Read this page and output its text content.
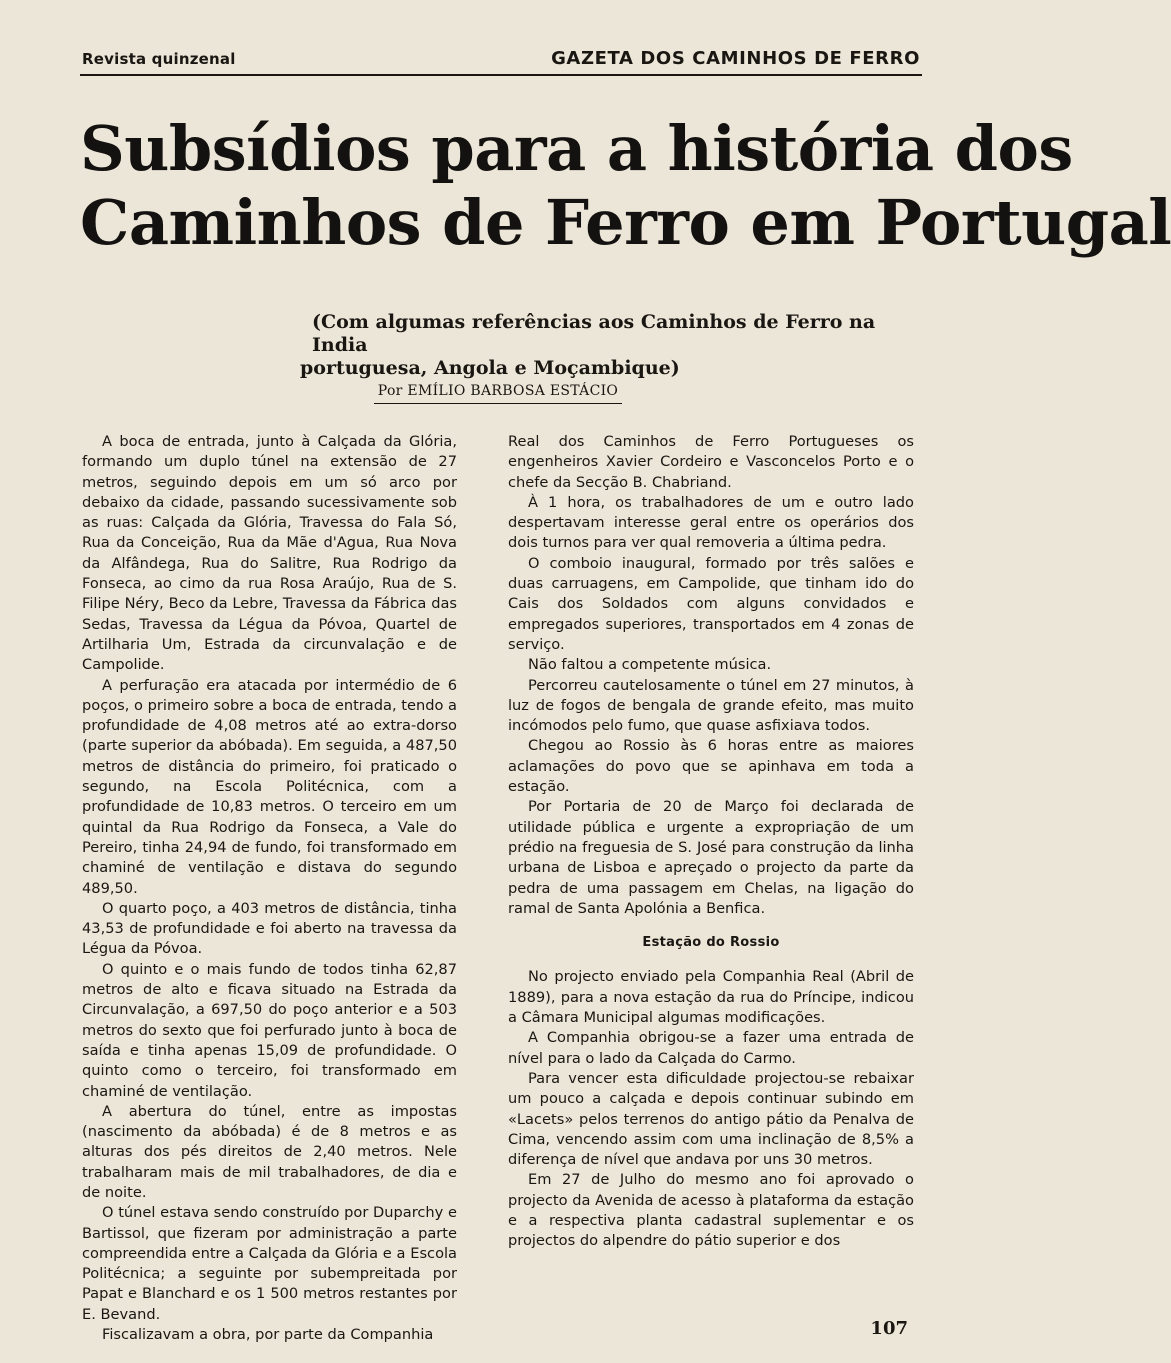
Revista quinzenal	GAZETA DOS CAMINHOS DE FERRO
Subsídios para a história dos
Caminhos de Ferro em Portugal
(Com algumas referências aos Caminhos de Ferro na India
portuguesa, Angola e Moçambique)
Por EMÍLIO BARBOSA ESTÁCIO

A boca de entrada, junto à Calçada da Glória, formando um duplo túnel na extensão de 27 metros, seguindo depois em um só arco por debaixo da cidade, passando sucessivamente sob as ruas: Calçada da Glória, Travessa do Fala Só, Rua da Conceição, Rua da Mãe d'Agua, Rua Nova da Alfândega, Rua do Salitre, Rua Rodrigo da Fonseca, ao cimo da rua Rosa Araújo, Rua de S. Filipe Néry, Beco da Lebre, Travessa da Fábrica das Sedas, Travessa da Légua da Póvoa, Quartel de Artilharia Um, Estrada da circunvalação e de Campolide.

A perfuração era atacada por intermédio de 6 poços, o primeiro sobre a boca de entrada, tendo a profundidade de 4,08 metros até ao extra-dorso (parte superior da abóbada). Em seguida, a 487,50 metros de distância do primeiro, foi praticado o segundo, na Escola Politécnica, com a profundidade de 10,83 metros. O terceiro em um quintal da Rua Rodrigo da Fonseca, a Vale do Pereiro, tinha 24,94 de fundo, foi transformado em chaminé de ventilação e distava do segundo 489,50.

O quarto poço, a 403 metros de distância, tinha 43,53 de profundidade e foi aberto na travessa da Légua da Póvoa.

O quinto e o mais fundo de todos tinha 62,87 metros de alto e ficava situado na Estrada da Circunvalação, a 697,50 do poço anterior e a 503 metros do sexto que foi perfurado junto à boca de saída e tinha apenas 15,09 de profundidade. O quinto como o terceiro, foi transformado em chaminé de ventilação.

A abertura do túnel, entre as impostas (nascimento da abóbada) é de 8 metros e as alturas dos pés direitos de 2,40 metros. Nele trabalharam mais de mil trabalhadores, de dia e de noite.

O túnel estava sendo construído por Duparchy e Bartissol, que fizeram por administração a parte compreendida entre a Calçada da Glória e a Escola Politécnica; a seguinte por subempreitada por Papat e Blanchard e os 1 500 metros restantes por E. Bevand.

Fiscalizavam a obra, por parte da Companhia

Real dos Caminhos de Ferro Portugueses os engenheiros Xavier Cordeiro e Vasconcelos Porto e o chefe da Secção B. Chabriand.

À 1 hora, os trabalhadores de um e outro lado despertavam interesse geral entre os operários dos dois turnos para ver qual removeria a última pedra.

O comboio inaugural, formado por três salões e duas carruagens, em Campolide, que tinham ido do Cais dos Soldados com alguns convidados e empregados superiores, transportados em 4 zonas de serviço.

Não faltou a competente música.

Percorreu cautelosamente o túnel em 27 minutos, à luz de fogos de bengala de grande efeito, mas muito incómodos pelo fumo, que quase asfixiava todos.

Chegou ao Rossio às 6 horas entre as maiores aclamações do povo que se apinhava em toda a estação.

Por Portaria de 20 de Março foi declarada de utilidade pública e urgente a expropriação de um prédio na freguesia de S. José para construção da linha urbana de Lisboa e apreçado o projecto da parte da pedra de uma passagem em Chelas, na ligação do ramal de Santa Apolónia a Benfica.

Estação do Rossio

No projecto enviado pela Companhia Real (Abril de 1889), para a nova estação da rua do Príncipe, indicou a Câmara Municipal algumas modificações.

A Companhia obrigou-se a fazer uma entrada de nível para o lado da Calçada do Carmo.

Para vencer esta dificuldade projectou-se rebaixar um pouco a calçada e depois continuar subindo em «Lacets» pelos terrenos do antigo pátio da Penalva de Cima, vencendo assim com uma inclinação de 8,5% a diferença de nível que andava por uns 30 metros.

Em 27 de Julho do mesmo ano foi aprovado o projecto da Avenida de acesso à plataforma da estação e a respectiva planta cadastral suplementar e os projectos do alpendre do pátio superior e dos

107
